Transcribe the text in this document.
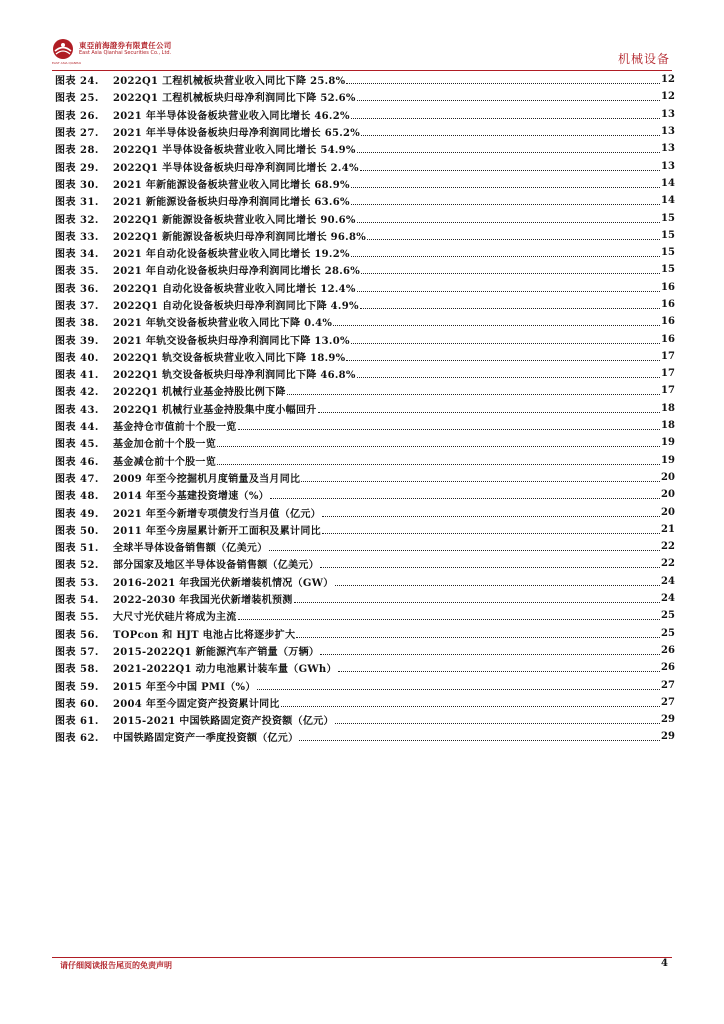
東亞前海證券有限責任公司
East Asia Qianhai Securities Co., Ltd.
EAST ASIA QIANHAI	机械设备
图表 24.	2022Q1 工程机械板块营业收入同比下降 25.8%	12
图表 25.	2022Q1 工程机械板块归母净利润同比下降 52.6%	12
图表 26.	2021 年半导体设备板块营业收入同比增长 46.2%	13
图表 27.	2021 年半导体设备板块归母净利润同比增长 65.2%	13
图表 28.	2022Q1 半导体设备板块营业收入同比增长 54.9%	13
图表 29.	2022Q1 半导体设备板块归母净利润同比增长 2.4%	13
图表 30.	2021 年新能源设备板块营业收入同比增长 68.9%	14
图表 31.	2021 新能源设备板块归母净利润同比增长 63.6%	14
图表 32.	2022Q1 新能源设备板块营业收入同比增长 90.6%	15
图表 33.	2022Q1 新能源设备板块归母净利润同比增长 96.8%	15
图表 34.	2021 年自动化设备板块营业收入同比增长 19.2%	15
图表 35.	2021 年自动化设备板块归母净利润同比增长 28.6%	15
图表 36.	2022Q1 自动化设备板块营业收入同比增长 12.4%	16
图表 37.	2022Q1 自动化设备板块归母净利润同比下降 4.9%	16
图表 38.	2021 年轨交设备板块营业收入同比下降 0.4%	16
图表 39.	2021 年轨交设备板块归母净利润同比下降 13.0%	16
图表 40.	2022Q1 轨交设备板块营业收入同比下降 18.9%	17
图表 41.	2022Q1 轨交设备板块归母净利润同比下降 46.8%	17
图表 42.	2022Q1 机械行业基金持股比例下降	17
图表 43.	2022Q1 机械行业基金持股集中度小幅回升	18
图表 44.	基金持仓市值前十个股一览	18
图表 45.	基金加仓前十个股一览	19
图表 46.	基金减仓前十个股一览	19
图表 47.	2009 年至今挖掘机月度销量及当月同比	20
图表 48.	2014 年至今基建投资增速（%）	20
图表 49.	2021 年至今新增专项债发行当月值（亿元）	20
图表 50.	2011 年至今房屋累计新开工面积及累计同比	21
图表 51.	全球半导体设备销售额（亿美元）	22
图表 52.	部分国家及地区半导体设备销售额（亿美元）	22
图表 53.	2016-2021 年我国光伏新增装机情况（GW）	24
图表 54.	2022-2030 年我国光伏新增装机预测	24
图表 55.	大尺寸光伏硅片将成为主流	25
图表 56.	TOPcon 和 HJT 电池占比将逐步扩大	25
图表 57.	2015-2022Q1 新能源汽车产销量（万辆）	26
图表 58.	2021-2022Q1 动力电池累计装车量（GWh）	26
图表 59.	2015 年至今中国 PMI（%）	27
图表 60.	2004 年至今固定资产投资累计同比	27
图表 61.	2015-2021 中国铁路固定资产投资额（亿元）	29
图表 62.	中国铁路固定资产一季度投资额（亿元）	29
请仔细阅读报告尾页的免责声明	4
